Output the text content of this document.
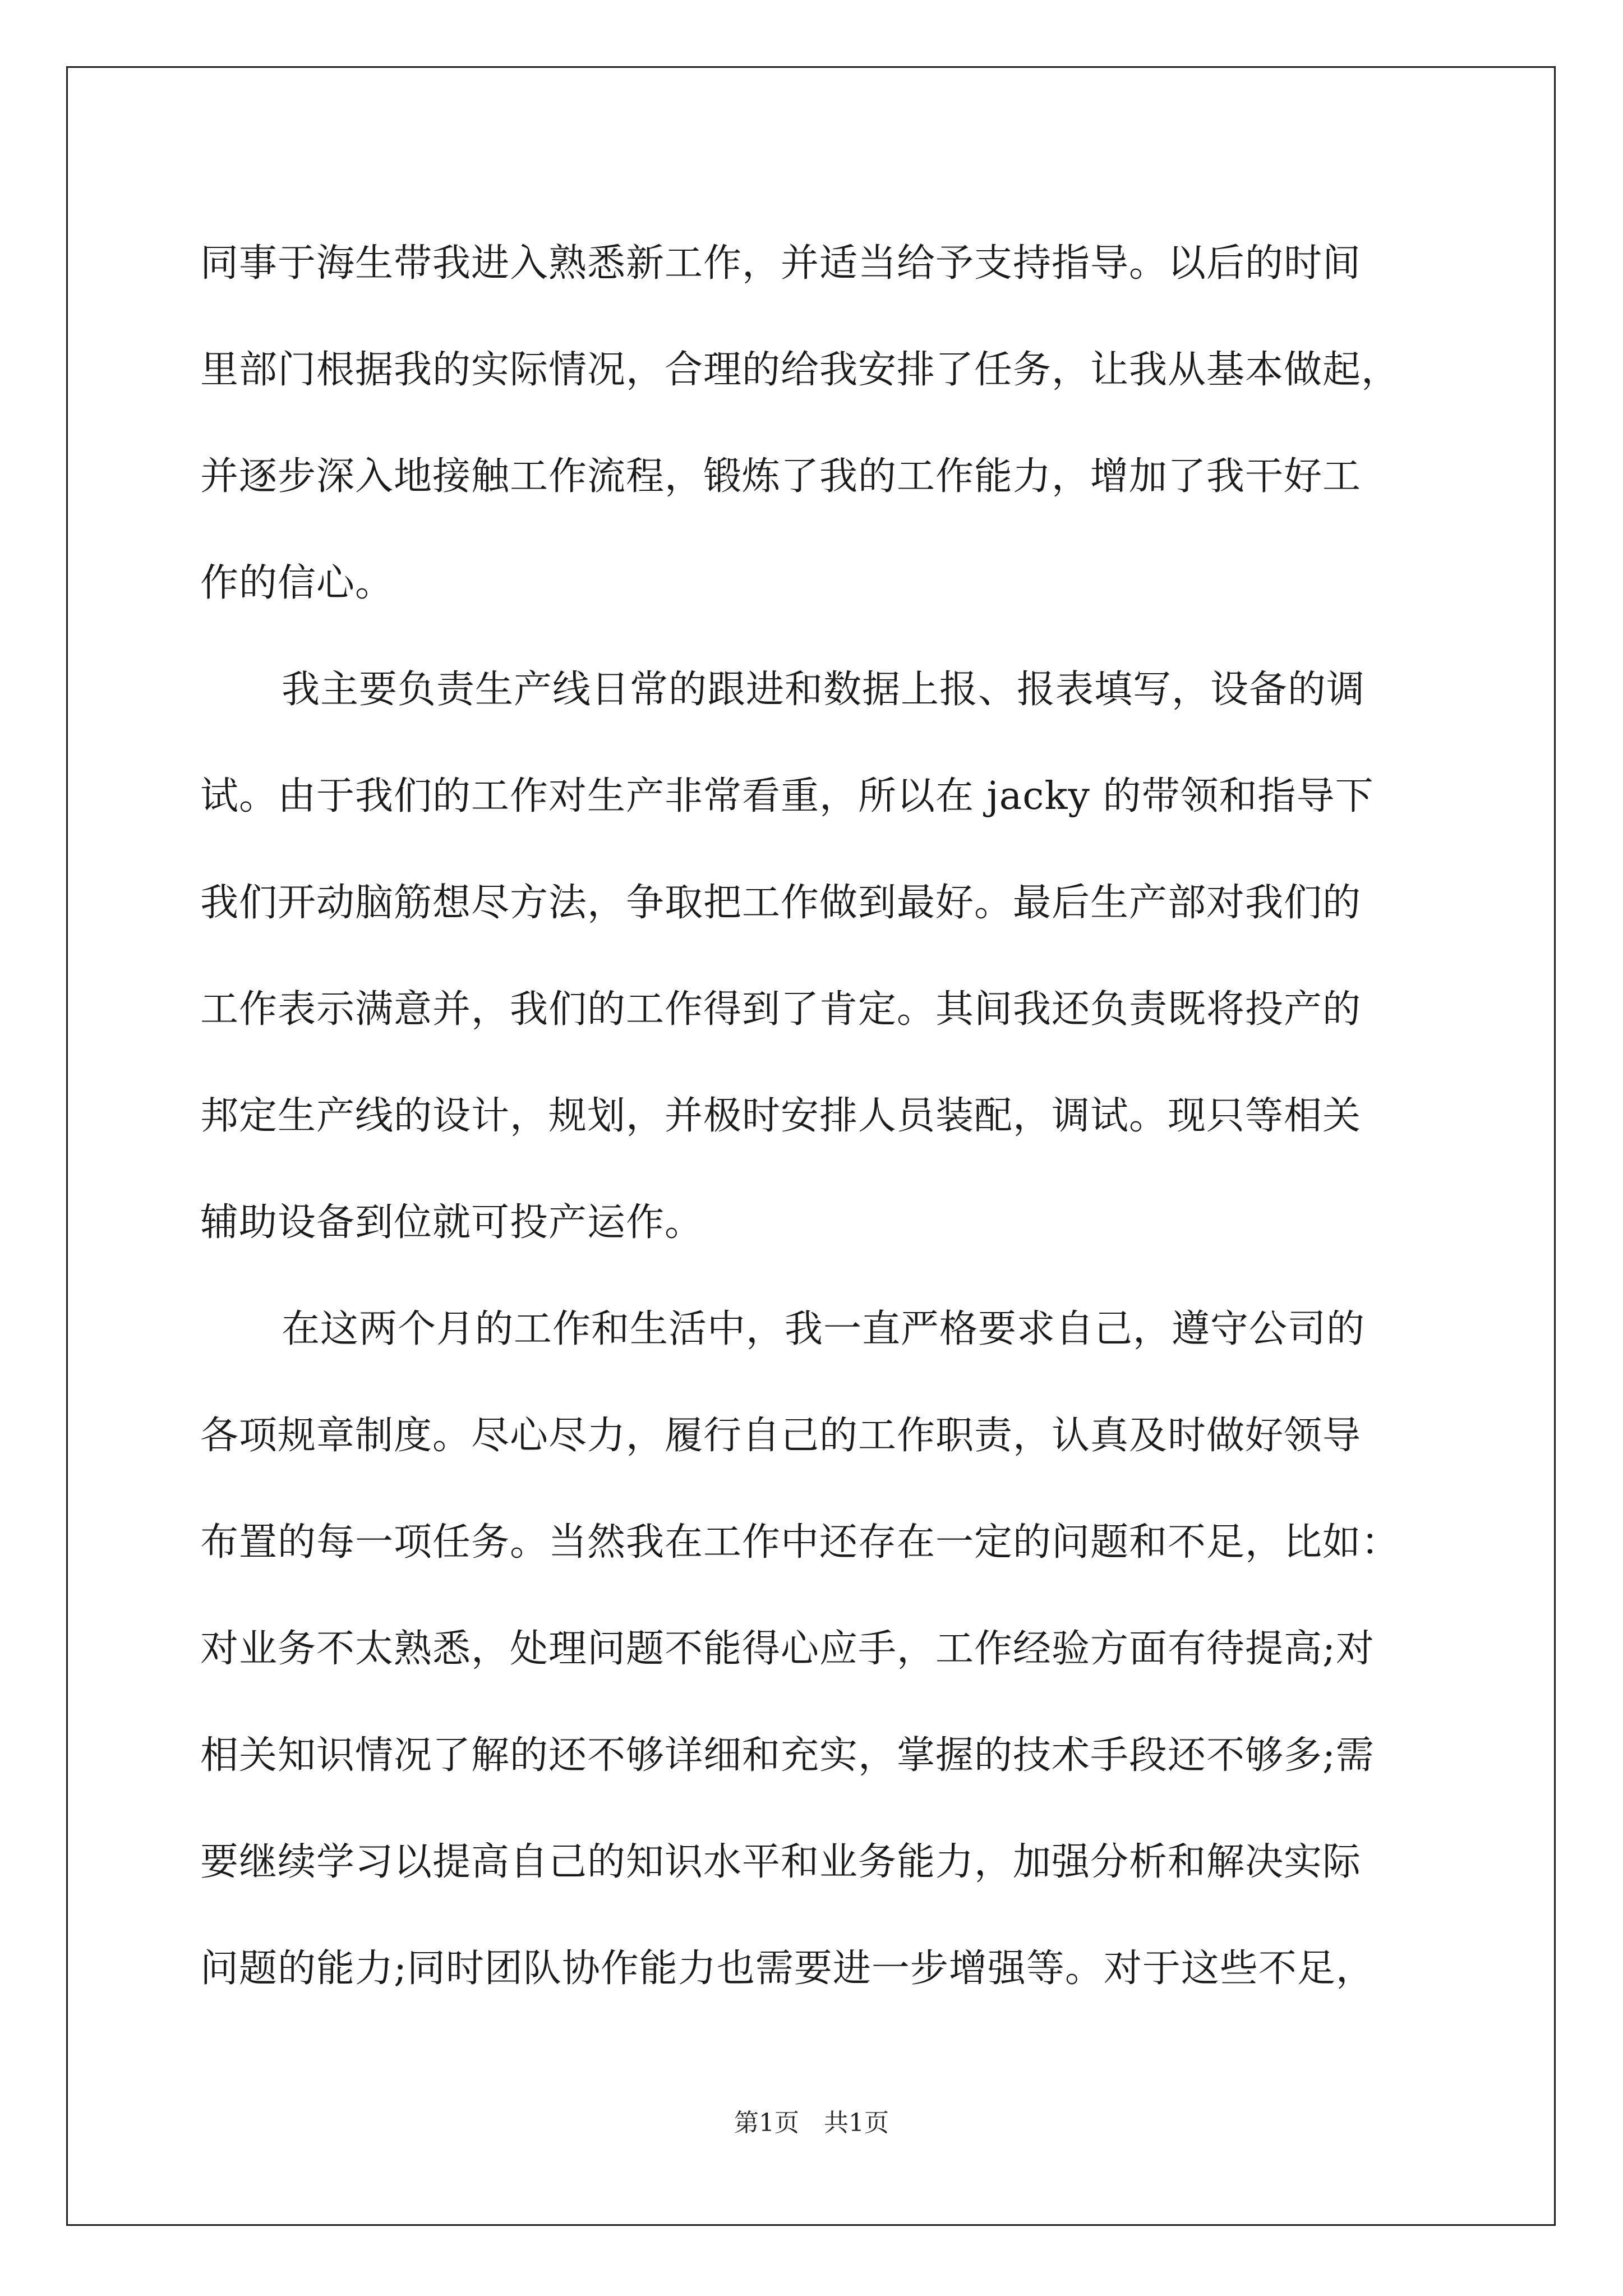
同事于海生带我进入熟悉新工作，并适当给予支持指导。以后的时间
里部门根据我的实际情况，合理的给我安排了任务，让我从基本做起，
并逐步深入地接触工作流程，锻炼了我的工作能力，增加了我干好工
作的信心。
我主要负责生产线日常的跟进和数据上报、报表填写，设备的调
试。由于我们的工作对生产非常看重，所以在 jacky 的带领和指导下
我们开动脑筋想尽方法，争取把工作做到最好。最后生产部对我们的
工作表示满意并，我们的工作得到了肯定。其间我还负责既将投产的
邦定生产线的设计，规划，并极时安排人员装配，调试。现只等相关
辅助设备到位就可投产运作。
在这两个月的工作和生活中，我一直严格要求自己，遵守公司的
各项规章制度。尽心尽力，履行自己的工作职责，认真及时做好领导
布置的每一项任务。当然我在工作中还存在一定的问题和不足，比如：
对业务不太熟悉，处理问题不能得心应手，工作经验方面有待提高;对
相关知识情况了解的还不够详细和充实，掌握的技术手段还不够多;需
要继续学习以提高自己的知识水平和业务能力，加强分析和解决实际
问题的能力;同时团队协作能力也需要进一步增强等。对于这些不足，
第1页　共1页
